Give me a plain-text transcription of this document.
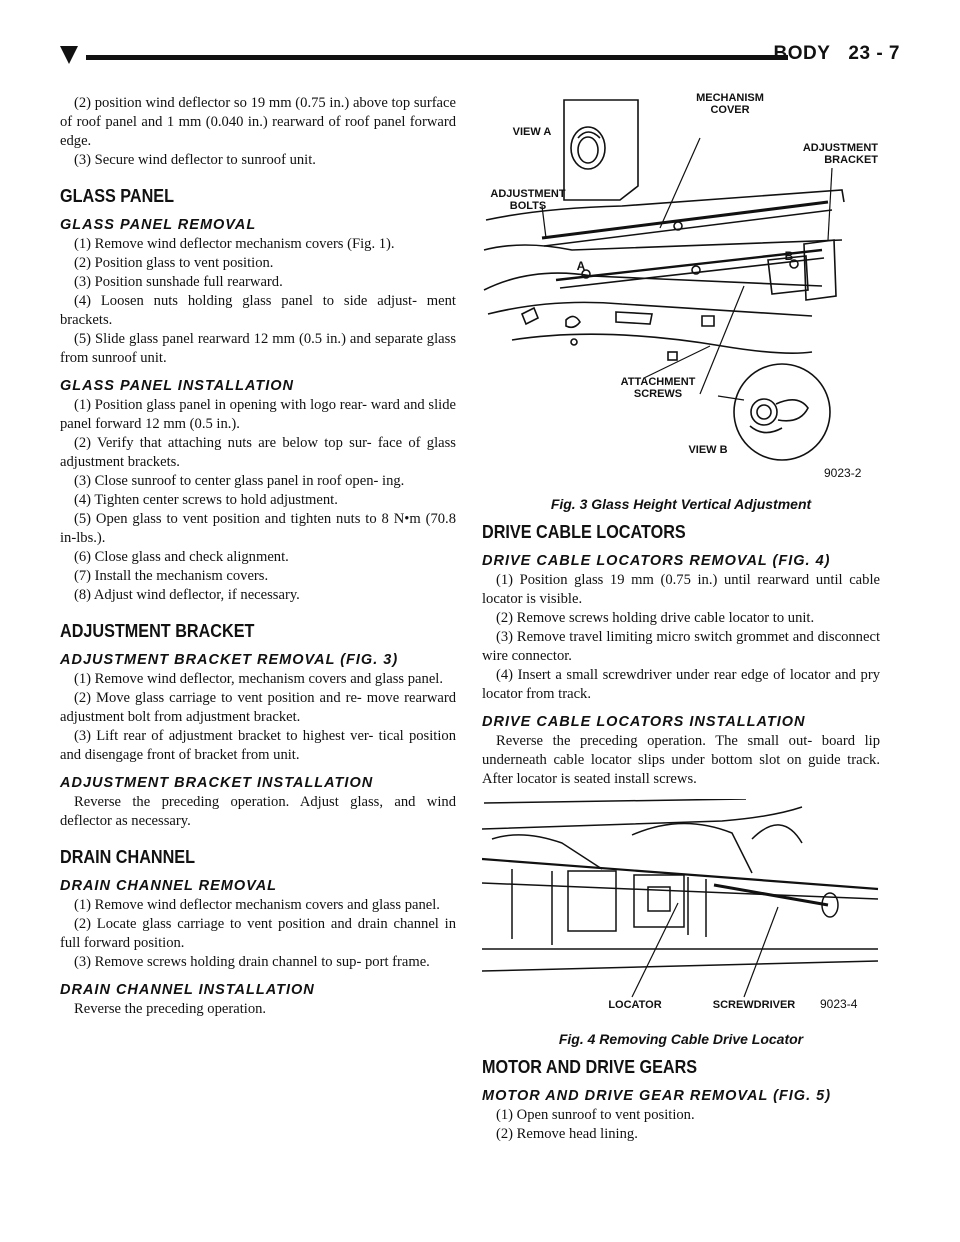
BODY 23 - 7

(2) position wind deflector so 19 mm (0.75 in.) above top surface of roof panel and 1 mm (0.040 in.) rearward of roof panel forward edge.

(3) Secure wind deflector to sunroof unit.

GLASS PANEL
GLASS PANEL REMOVAL

(1) Remove wind deflector mechanism covers (Fig. 1).

(2) Position glass to vent position.

(3) Position sunshade full rearward.

(4) Loosen nuts holding glass panel to side adjust- ment brackets.

(5) Slide glass panel rearward 12 mm (0.5 in.) and separate glass from sunroof unit.

GLASS PANEL INSTALLATION

(1) Position glass panel in opening with logo rear- ward and slide panel forward 12 mm (0.5 in.).

(2) Verify that attaching nuts are below top sur- face of glass adjustment brackets.

(3) Close sunroof to center glass panel in roof open- ing.

(4) Tighten center screws to hold adjustment.

(5) Open glass to vent position and tighten nuts to 8 N•m (70.8 in-lbs.).

(6) Close glass and check alignment.

(7) Install the mechanism covers.

(8) Adjust wind deflector, if necessary.

ADJUSTMENT BRACKET
ADJUSTMENT BRACKET REMOVAL (FIG. 3)

(1) Remove wind deflector, mechanism covers and glass panel.

(2) Move glass carriage to vent position and re- move rearward adjustment bolt from adjustment bracket.

(3) Lift rear of adjustment bracket to highest ver- tical position and disengage front of bracket from unit.

ADJUSTMENT BRACKET INSTALLATION

Reverse the preceding operation. Adjust glass, and wind deflector as necessary.

DRAIN CHANNEL
DRAIN CHANNEL REMOVAL

(1) Remove wind deflector mechanism covers and glass panel.

(2) Locate glass carriage to vent position and drain channel in full forward position.

(3) Remove screws holding drain channel to sup- port frame.

DRAIN CHANNEL INSTALLATION

Reverse the preceding operation.

MECHANISM COVER
VIEW A
ADJUSTMENT BRACKET
ADJUSTMENT BOLTS
A
B
ATTACHMENT SCREWS
VIEW B
9023-2
Fig. 3 Glass Height Vertical Adjustment
DRIVE CABLE LOCATORS
DRIVE CABLE LOCATORS REMOVAL (FIG. 4)

(1) Position glass 19 mm (0.75 in.) until rearward until cable locator is visible.

(2) Remove screws holding drive cable locator to unit.

(3) Remove travel limiting micro switch grommet and disconnect wire connector.

(4) Insert a small screwdriver under rear edge of locator and pry locator from track.

DRIVE CABLE LOCATORS INSTALLATION

Reverse the preceding operation. The small out- board lip underneath cable locator slips under bottom slot on guide track. After locator is seated install screws.

LOCATOR	SCREWDRIVER	9023-4
Fig. 4 Removing Cable Drive Locator
MOTOR AND DRIVE GEARS
MOTOR AND DRIVE GEAR REMOVAL (FIG. 5)

(1) Open sunroof to vent position.

(2) Remove head lining.
